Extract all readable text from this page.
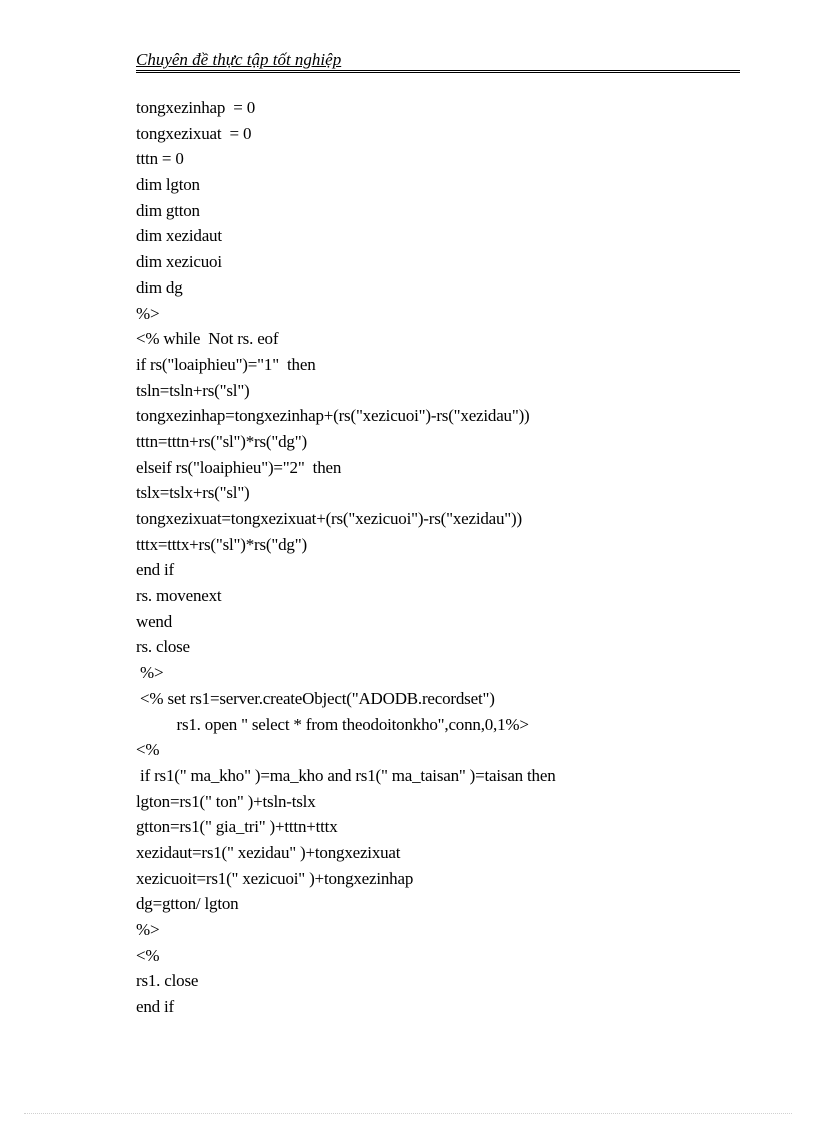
Chuyên đề thực tập tốt nghiệp
tongxezinhap  = 0
tongxezixuat  = 0
tttn = 0
dim lgton
dim gtton
dim xezidaut
dim xezicuoi
dim dg
%>
<% while  Not rs. eof
if rs("loaiphieu")="1"  then
tsln=tsln+rs("sl")
tongxezinhap=tongxezinhap+(rs("xezicuoi")-rs("xezidau"))
tttn=tttn+rs("sl")*rs("dg")
elseif rs("loaiphieu")="2"  then
tslx=tslx+rs("sl")
tongxezixuat=tongxezixuat+(rs("xezicuoi")-rs("xezidau"))
tttx=tttx+rs("sl")*rs("dg")
end if
rs. movenext
wend
rs. close
%>
<% set rs1=server.createObject("ADODB.recordset")
rs1. open " select * from theodoitonkho",conn,0,1%>
<%
if rs1(" ma_kho" )=ma_kho and rs1(" ma_taisan" )=taisan then
lgton=rs1(" ton" )+tsln-tslx
gtton=rs1(" gia_tri" )+tttn+tttx
xezidaut=rs1(" xezidau" )+tongxezixuat
xezicuoit=rs1(" xezicuoi" )+tongxezinhap
dg=gtton/ lgton
%>
<%
rs1. close
end if
